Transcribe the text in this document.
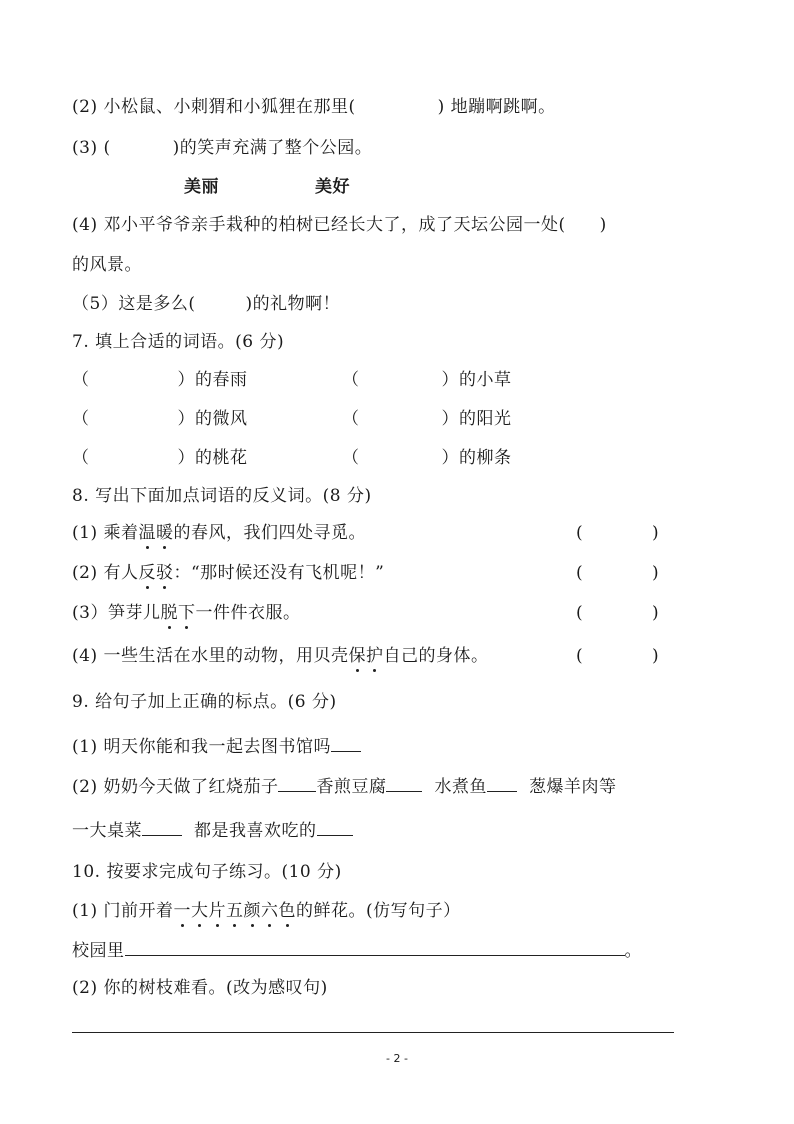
(2) 小松鼠、小刺猬和小狐狸在那里(	) 地蹦啊跳啊。
(3) (	)的笑声充满了整个公园。
美丽	美好
(4) 邓小平爷爷亲手栽种的柏树已经长大了，成了天坛公园一处( )
的风景。
（5）这是多么(	)的礼物啊！
7. 填上合适的词语。(6 分)
（	）的春雨	（	）的小草
（	）的微风	（	）的阳光
（	）的桃花	（	）的柳条
8. 写出下面加点词语的反义词。(8 分)
(1) 乘着温暖的春风，我们四处寻觅。	(	)
(2) 有人反驳：“那时候还没有飞机呢！”	(	)
(3）笋芽儿脱下一件件衣服。	(	)
(4) 一些生活在水里的动物，用贝壳保护自己的身体。	(	)
9. 给句子加上正确的标点。(6 分)
(1) 明天你能和我一起去图书馆吗
(2) 奶奶今天做了红烧茄子 香煎豆腐	水煮鱼 葱爆羊肉等
一大桌菜	都是我喜欢吃的
10. 按要求完成句子练习。(10 分)
(1) 门前开着一大片五颜六色的鲜花。(仿写句子）
校园里	。
(2) 你的树枝难看。(改为感叹句)
- 2 -
